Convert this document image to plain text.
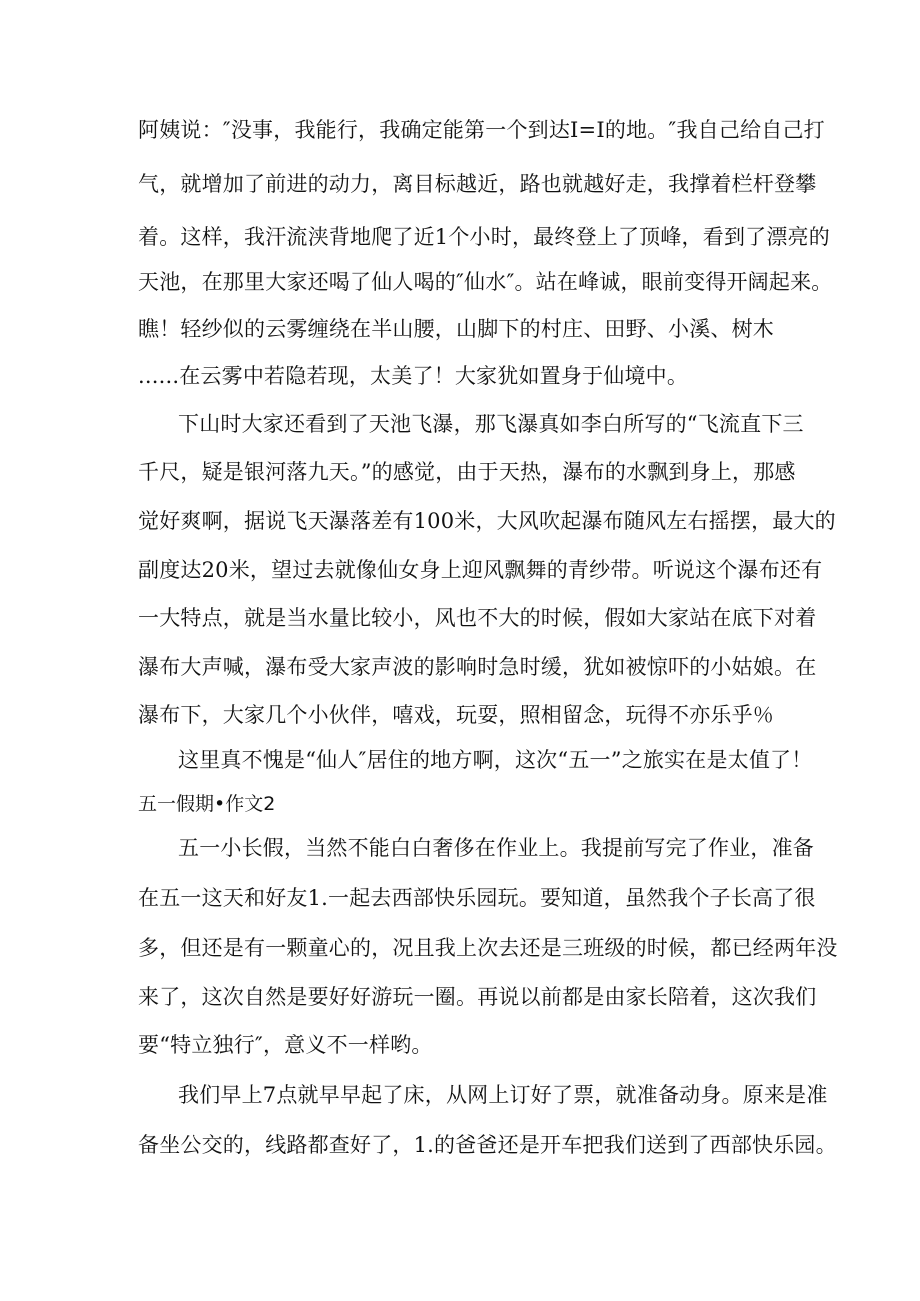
阿姨说：″没事，我能行，我确定能第一个到达I=I的地。″我自己给自己打
气，就增加了前进的动力，离目标越近，路也就越好走，我撑着栏杆登攀
着。这样，我汗流浃背地爬了近1个小时，最终登上了顶峰，看到了漂亮的
天池，在那里大家还喝了仙人喝的″仙水″。站在峰诚，眼前变得开阔起来。
瞧！轻纱似的云雾缠绕在半山腰，山脚下的村庄、田野、小溪、树木
......在云雾中若隐若现，太美了！大家犹如置身于仙境中。
下山时大家还看到了天池飞瀑，那飞瀑真如李白所写的“飞流直下三
千尺，疑是银河落九天。”的感觉，由于天热，瀑布的水飘到身上，那感
觉好爽啊，据说飞天瀑落差有100米，大风吹起瀑布随风左右摇摆，最大的
副度达20米，望过去就像仙女身上迎风飘舞的青纱带。听说这个瀑布还有
一大特点，就是当水量比较小，风也不大的时候，假如大家站在底下对着
瀑布大声喊，瀑布受大家声波的影响时急时缓，犹如被惊吓的小姑娘。在
瀑布下，大家几个小伙伴，嘻戏，玩耍，照相留念，玩得不亦乐乎％
这里真不愧是“仙人″居住的地方啊，这次“五一”之旅实在是太值了！
五一假期•作文2
五一小长假，当然不能白白奢侈在作业上。我提前写完了作业，准备
在五一这天和好友1.一起去西部快乐园玩。要知道，虽然我个子长高了很
多，但还是有一颗童心的，况且我上次去还是三班级的时候，都已经两年没
来了，这次自然是要好好游玩一圈。再说以前都是由家长陪着，这次我们
要“特立独行″，意义不一样哟。
我们早上7点就早早起了床，从网上订好了票，就准备动身。原来是准
备坐公交的，线路都查好了，1.的爸爸还是开车把我们送到了西部快乐园。
